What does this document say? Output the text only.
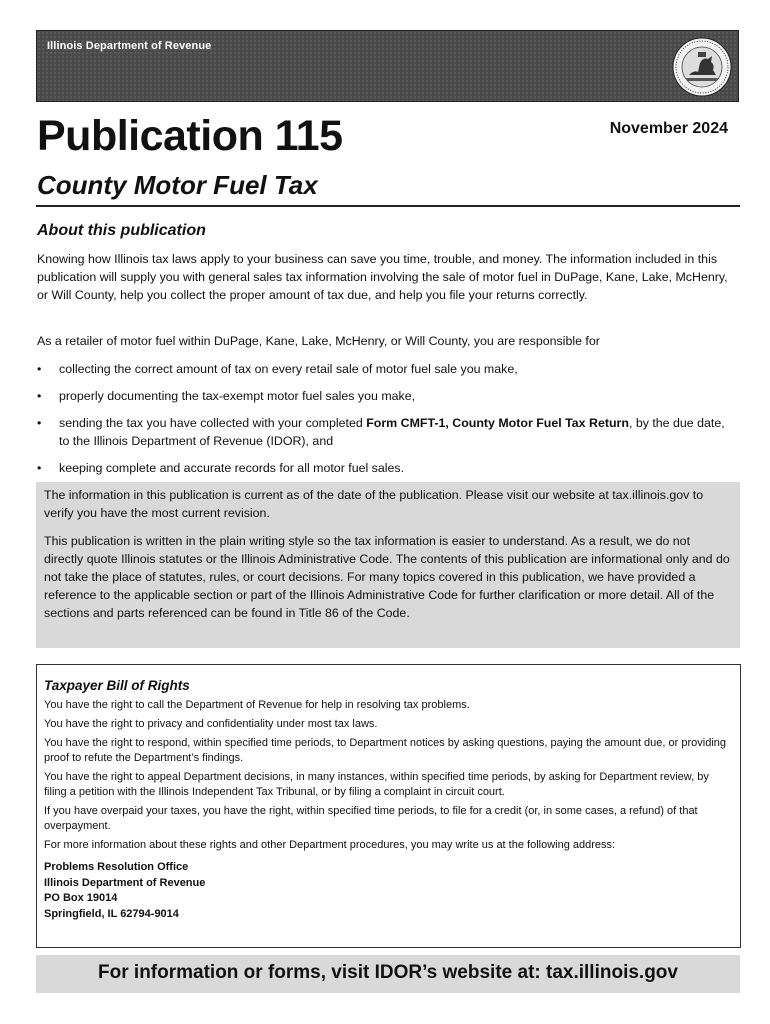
Illinois Department of Revenue
Publication 115	November 2024
County Motor Fuel Tax
About this publication

Knowing how Illinois tax laws apply to your business can save you time, trouble, and money. The information included in this publication will supply you with general sales tax information involving the sale of motor fuel in DuPage, Kane, Lake, McHenry, or Will County, help you collect the proper amount of tax due, and help you file your returns correctly.

As a retailer of motor fuel within DuPage, Kane, Lake, McHenry, or Will County, you are responsible for

• collecting the correct amount of tax on every retail sale of motor fuel sale you make,
• properly documenting the tax-exempt motor fuel sales you make,
• sending the tax you have collected with your completed Form CMFT-1, County Motor Fuel Tax Return, by the due date, to the Illinois Department of Revenue (IDOR), and
• keeping complete and accurate records for all motor fuel sales.

The information in this publication is current as of the date of the publication. Please visit our website at tax.illinois.gov to verify you have the most current revision.

This publication is written in the plain writing style so the tax information is easier to understand. As a result, we do not directly quote Illinois statutes or the Illinois Administrative Code. The contents of this publication are informational only and do not take the place of statutes, rules, or court decisions. For many topics covered in this publication, we have provided a reference to the applicable section or part of the Illinois Administrative Code for further clarification or more detail. All of the sections and parts referenced can be found in Title 86 of the Code.

Taxpayer Bill of Rights

You have the right to call the Department of Revenue for help in resolving tax problems.

You have the right to privacy and confidentiality under most tax laws.

You have the right to respond, within specified time periods, to Department notices by asking questions, paying the amount due, or providing proof to refute the Department’s findings.

You have the right to appeal Department decisions, in many instances, within specified time periods, by asking for Department review, by filing a petition with the Illinois Independent Tax Tribunal, or by filing a complaint in circuit court.

If you have overpaid your taxes, you have the right, within specified time periods, to file for a credit (or, in some cases, a refund) of that overpayment.

For more information about these rights and other Department procedures, you may write us at the following address:

Problems Resolution Office
Illinois Department of Revenue
PO Box 19014
Springfield, IL 62794-9014
For information or forms, visit IDOR’s website at: tax.illinois.gov
